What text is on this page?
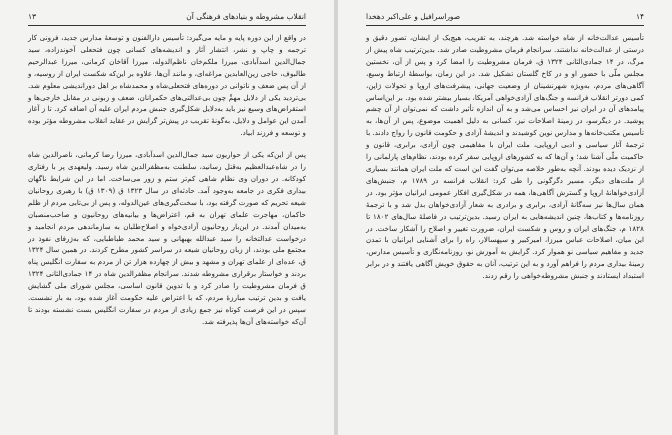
۱۳	انقلاب مشروطه و بنیادهای فرهنگی آن

در واقع از این دوره پایه و مایه می‌گیرد: تأسیس دارالفنون و توسعهٔ مدارس جدید، فرونی کار ترجمه و چاپ و نشر، انتشار آثار و اندیشه‌های کسانی چون فتحعلی آخوندزاده، سید جمال‌الدین اسدآبادی، میرزا ملکم‌خان ناظم‌الدوله، میرزا آقاخان کرمانی، میرزا عبدالرحیم طالبوف، حاجی زین‌العابدین مراغه‌ای، و مانند آن‌ها. علاوه بر این‌که شکست ایران از روسیه، و از آن پس ضعف و ناتوانی در دوره‌های فتحعلی‌شاه و محمدشاه بر اهل دوراندیشی معلوم شد. بی‌تردید یکی از دلایل مهمِّ چون بی‌عدالتی‌های حکمرانان، ضعف و زبونی در مقابل خارجی‌ها و استقراض‌های وسیع نیز باید به‌دلایل شکل‌گیری جنبش مردم ایران علیه آن اضافه کرد. تا ز آغاز آمدن این عوامل و دلایل، به‌گونهٔ تقریب در پیش‌تر گرایش در عقاید انقلاب مشروطه مؤثر بوده و توسعه و فرزند ابیاد.

پس از این‌که یکی از حواریون سید جمال‌الدین اسدآبادی، میرزا رضا کرمانی، ناصرالدین شاه را در شاه‌عبدالعظیم به‌قتل رسانید، سلطنت به‌مظفرالدین شاه رسید. ولیعهدی پر با رفتاری کودکانه. در دوران وی نظام شاهی کم‌تر ستم و زور می‌ساخت. اما در این شرایط ناگهان بیداری فکری در جامعه به‌وجود آمد. حادثه‌ای در سال ۱۳۲۳ ق (۱۳۰۹ ق) با رهبری روحانیان شیعه تحریم که صورت گرفته بود، با سخت‌گیری‌های عین‌الدوله، و پس از بی‌تابی مردم از ظلم حاکمان، مهاجرت علمای تهران به قم، اعتراض‌ها و بیانیه‌های روحانیون و صاحب‌منصبان به‌میدان آمدند. در این‌بار روحانیون آزادی‌خواه و اصلاح‌طلبان به سازماندهی مردم انجامید و درخواست عدالتخانه را سید عبدالله بهبهانی و سید محمد طباطبایی، که به‌ژرفای نفوذ در مجتمع ملی بودند، از زبان روحانیان شیعه در سراسر کشور مطرح کردند. در همین سال ۱۳۲۴ ق، عده‌ای از علمای تهران و مشهد و بیش از چهارده هزار تن از مردم به سفارت انگلیس پناه بردند و خواستار برقراری مشروطه شدند. سرانجام مظفرالدین شاه در ۱۴ جمادی‌الثانی ۱۳۲۴ ق فرمان مشروطیت را صادر کرد و با تدوین قانون اساسی، مجلس شورای ملی گشایش یافت و بدین ترتیب مبارزهٔ مردم، که با اعتراض علیه حکومت آغاز شده بود، به بار نشست. سپس در این فرصت کوتاه نیز جمع زیادی از مردم در سفارت انگلیس بست نشسته بودند تا آن‌که خواسته‌های آن‌ها پذیرفته شد.

۱۴
صوراسرافیل و علی‌اکبر دهخدا

تأسیس عدالت‌خانه از شاه خواسته شد. هرچند، به تقریب، هیچ‌یک از ایشان، تصور دقیق و درستی از عدالت‌خانه نداشتند. سرانجام فرمان مشروطیت صادر شد. بدین‌ترتیب شاه پیش از مرگ، در ۱۴ جمادی‌الثانی ۱۳۲۴ ق، فرمان مشروطیت را امضا کرد و پس از آن، نخستین مجلس ملّی با حضور او و در کاخ گلستان تشکیل شد. در این زمان، بواسطهٔ ارتباط وسیع، آگاهی‌های مردم، به‌ویژه شهرنشینان از وضعیت جهانی، پیشرفت‌های اروپا و تحولات ژاپن، کمی دورتر انقلاب فرانسه و جنگ‌های آزادی‌خواهی آمریکا، بسیار بیشتر شده بود. بر این‌اساس پیامدهای آن در ایران نیز احساس می‌شد و به آن اندازه تأثیر داشت که نمی‌توان از آن چشم پوشید. در دیگرسو، در زمینهٔ اصلاحات نیز، کسانی به دلیل اهمیت موضوع، پس از آن‌ها، به تأسیس مکتب‌خانه‌ها و مدارس نوین کوشیدند و اندیشهٔ آزادی و حکومت قانون را رواج دادند. با ترجمهٔ آثار سیاسی و ادبی اروپایی، ملت ایران با مفاهیمی چون آزادی، برابری، قانون و حاکمیت ملّی آشنا شد؛ و آن‌ها که به کشورهای اروپایی سفر کرده بودند، نظام‌های پارلمانی را از نزدیک دیده بودند. آنچه به‌طور خلاصه می‌توان گفت این است که ملت ایران همانند بسیاری از ملت‌های دیگر، مسیر دگرگونی را طی کرد: انقلاب فرانسه در ۱۷۸۹ م، جنبش‌های آزادی‌خواهانهٔ اروپا و گسترش آگاهی‌ها، همه در شکل‌گیری افکار عمومی ایرانیان مؤثر بود. در همان سال‌ها نیز سه‌گانهٔ آزادی، برابری و برادری به شعار آزادی‌خواهان بدل شد و با ترجمهٔ روزنامه‌ها و کتاب‌ها، چنین اندیشه‌هایی به ایران رسید. بدین‌ترتیب در فاصلهٔ سال‌های ۱۸۰۲ تا ۱۸۲۸ م، جنگ‌های ایران و روس و شکست ایران، ضرورت تغییر و اصلاح را آشکار ساخت. در این میان، اصلاحات عباس میرزا، امیرکبیر و سپهسالار، راه را برای آشنایی ایرانیان با تمدن جدید و مفاهیم سیاسی نو هموار کرد. گرایش به آموزش نو، روزنامه‌نگاری و تأسیس مدارس، زمینهٔ بیداری مردم را فراهم آورد و به این ترتیب، آنان به حقوق خویش آگاهی یافتند و در برابر استبداد ایستادند و جنبش مشروطه‌خواهی را رقم زدند.
